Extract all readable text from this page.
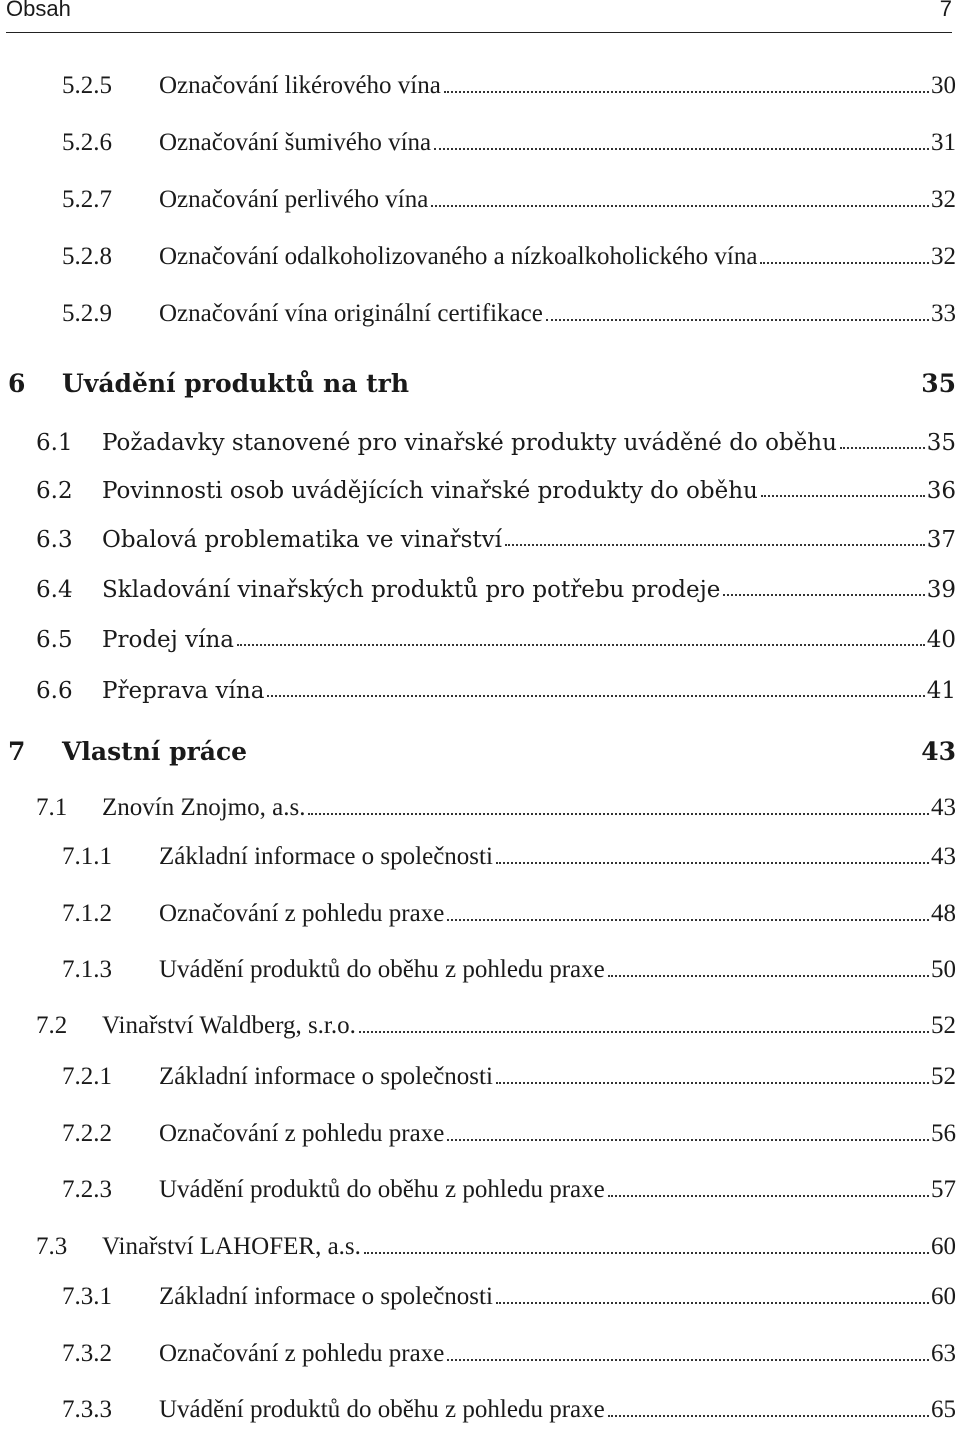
Obsah	7
5.2.5 Označování likérového vína	30
5.2.6 Označování šumivého vína	31
5.2.7 Označování perlivého vína	32
5.2.8 Označování odalkoholizovaného a nízkoalkoholického vína	32
5.2.9 Označování vína originální certifikace	33
6 Uvádění produktů na trh	35
6.1 Požadavky stanovené pro vinařské produkty uváděné do oběhu	35
6.2 Povinnosti osob uvádějících vinařské produkty do oběhu	36
6.3 Obalová problematika ve vinařství	37
6.4 Skladování vinařských produktů pro potřebu prodeje	39
6.5 Prodej vína	40
6.6 Přeprava vína	41
7 Vlastní práce	43
7.1 Znovín Znojmo, a.s.	43
7.1.1 Základní informace o společnosti	43
7.1.2 Označování z pohledu praxe	48
7.1.3 Uvádění produktů do oběhu z pohledu praxe	50
7.2 Vinařství Waldberg, s.r.o.	52
7.2.1 Základní informace o společnosti	52
7.2.2 Označování z pohledu praxe	56
7.2.3 Uvádění produktů do oběhu z pohledu praxe	57
7.3 Vinařství LAHOFER, a.s.	60
7.3.1 Základní informace o společnosti	60
7.3.2 Označování z pohledu praxe	63
7.3.3 Uvádění produktů do oběhu z pohledu praxe	65
